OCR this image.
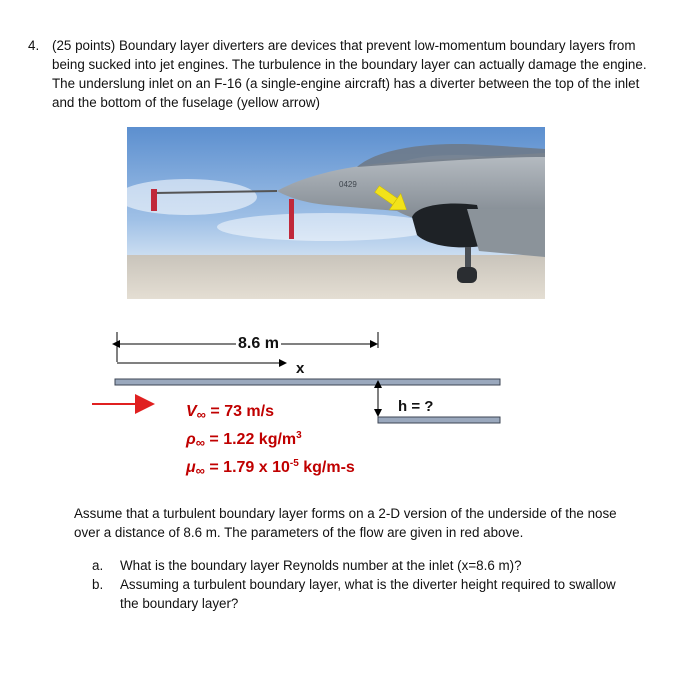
4. (25 points) Boundary layer diverters are devices that prevent low-momentum boundary layers from being sucked into jet engines. The turbulence in the boundary layer can actually damage the engine. The underslung inlet on an F-16 (a single-engine aircraft) has a diverter between the top of the inlet and the bottom of the fuselage (yellow arrow)
0429
8.6 m
x
h = ?
$V_\infty = 73$ m/s
$\rho_\infty = 1.22$ $kg/m^3$
$\mu_\infty = 1.79$ x $10^{-5}$ kg/m-s
Assume that a turbulent boundary layer forms on a 2-D version of the underside of the nose over a distance of 8.6 m. The parameters of the flow are given in red above.
a. What is the boundary layer Reynolds number at the inlet (x=8.6 m)?
b. Assuming a turbulent boundary layer, what is the diverter height required to swallow the boundary layer?
